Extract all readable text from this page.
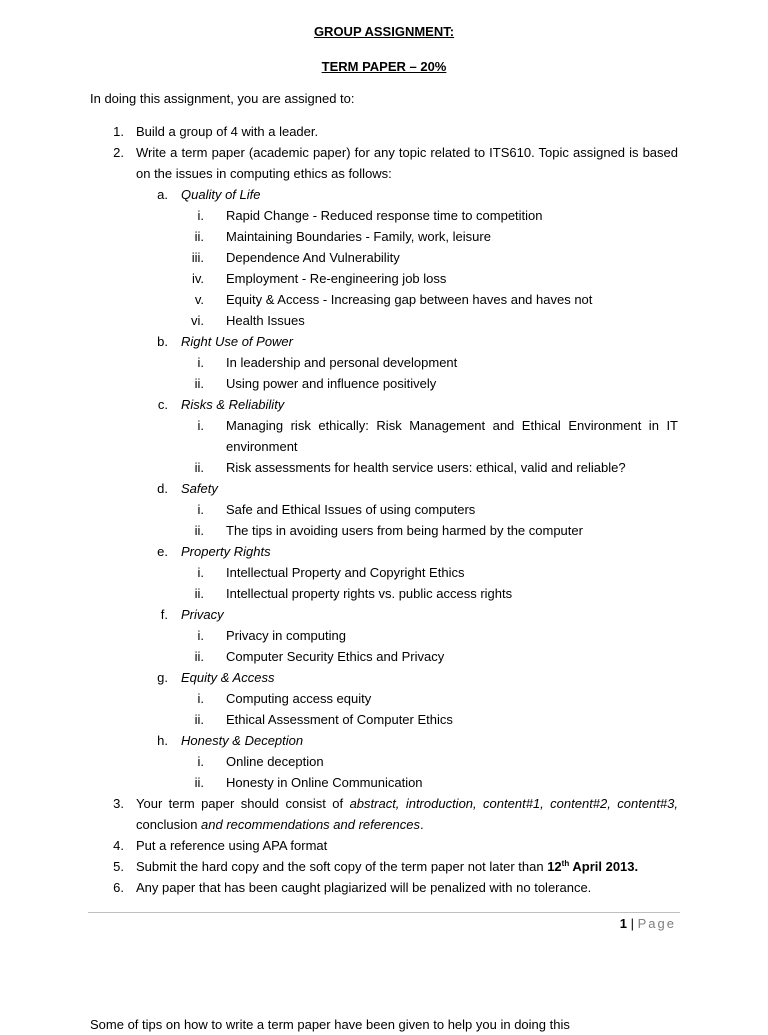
GROUP ASSIGNMENT:
TERM PAPER – 20%
In doing this assignment, you are assigned to:
1. Build a group of 4 with a leader.
2. Write a term paper (academic paper) for any topic related to ITS610. Topic assigned is based on the issues in computing ethics as follows:
a. Quality of Life
i. Rapid Change - Reduced response time to competition
ii. Maintaining Boundaries - Family, work, leisure
iii. Dependence And Vulnerability
iv. Employment - Re-engineering job loss
v. Equity & Access - Increasing gap between haves and haves not
vi. Health Issues
b. Right Use of Power
i. In leadership and personal development
ii. Using power and influence positively
c. Risks & Reliability
i. Managing risk ethically: Risk Management and Ethical Environment in IT environment
ii. Risk assessments for health service users: ethical, valid and reliable?
d. Safety
i. Safe and Ethical Issues of using computers
ii. The tips in avoiding users from being harmed by the computer
e. Property Rights
i. Intellectual Property and Copyright Ethics
ii. Intellectual property rights vs. public access rights
f. Privacy
i. Privacy in computing
ii. Computer Security Ethics and Privacy
g. Equity & Access
i. Computing access equity
ii. Ethical Assessment of Computer Ethics
h. Honesty & Deception
i. Online deception
ii. Honesty in Online Communication
3. Your term paper should consist of abstract, introduction, content#1, content#2, content#3, conclusion and recommendations and references.
4. Put a reference using APA format
5. Submit the hard copy and the soft copy of the term paper not later than 12th April 2013.
6. Any paper that has been caught plagiarized will be penalized with no tolerance.
1 | Page
Some of tips on how to write a term paper have been given to help you in doing this
